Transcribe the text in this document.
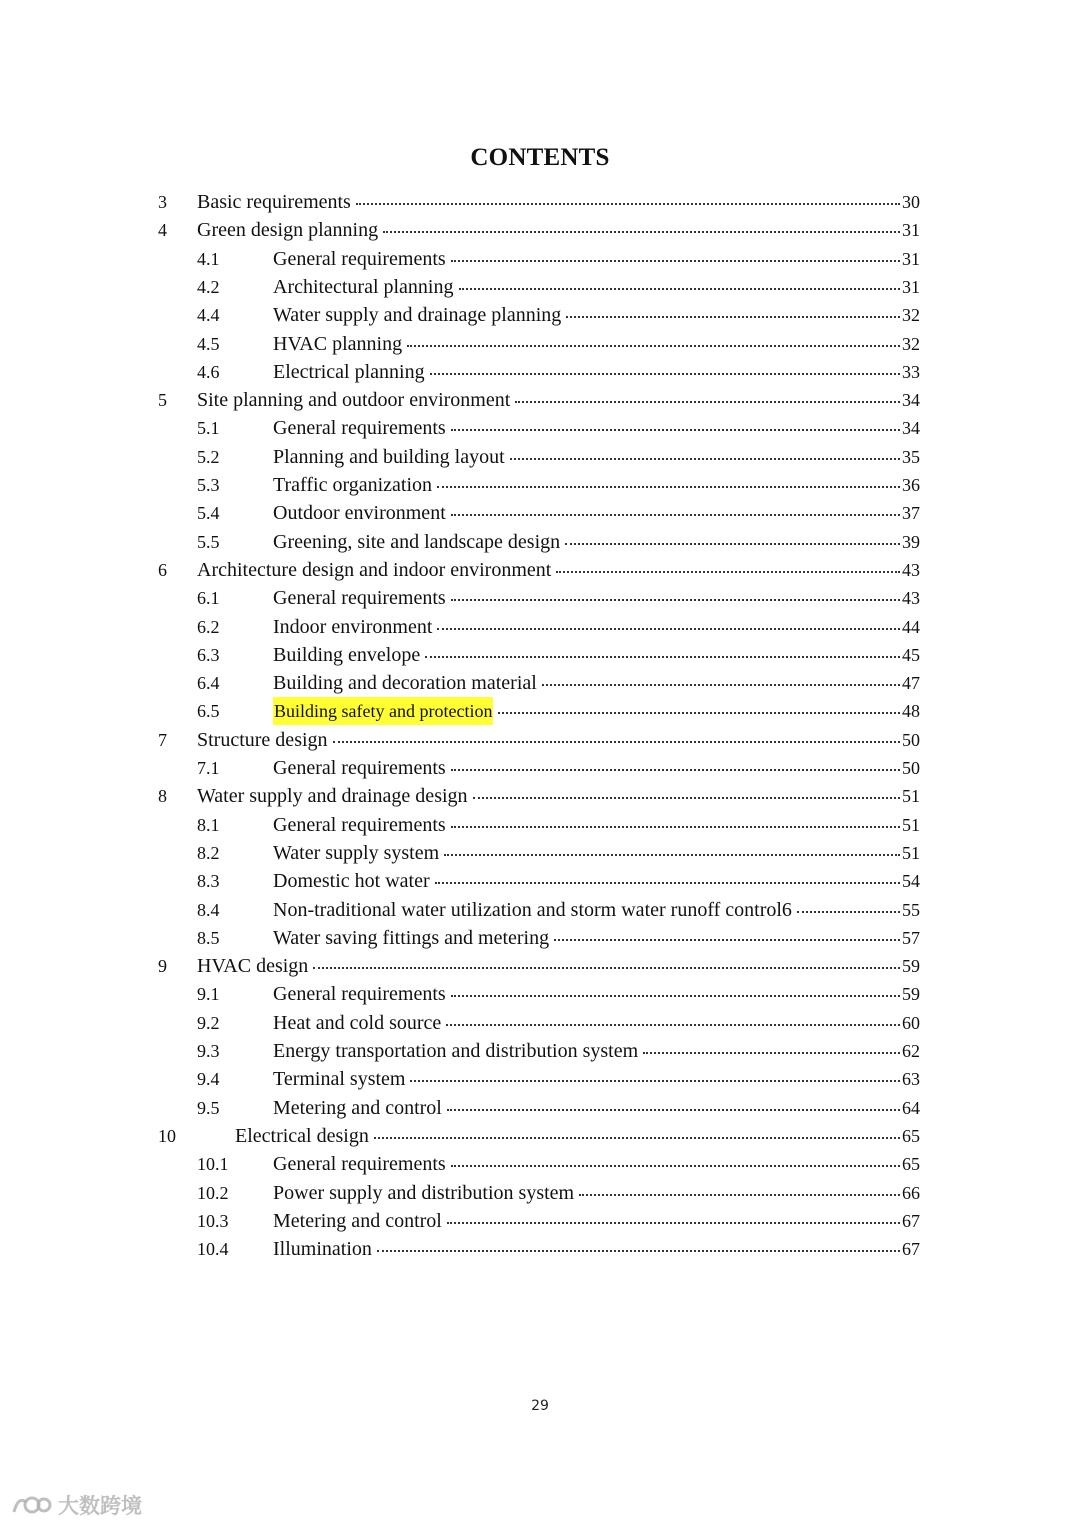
CONTENTS
3 Basic requirements	30
4 Green design planning	31
4.1	General requirements	31
4.2	Architectural planning	31
4.4	Water supply and drainage planning	32
4.5	HVAC planning	32
4.6	Electrical planning	33
5 Site planning and outdoor environment	34
5.1	General requirements	34
5.2	Planning and building layout	35
5.3	Traffic organization	36
5.4	Outdoor environment	37
5.5	Greening, site and landscape design	39
6 Architecture design and indoor environment	43
6.1	General requirements	43
6.2	Indoor environment	44
6.3	Building envelope	45
6.4	Building and decoration material	47
6.5	Building safety and protection	48
7 Structure design	50
7.1	General requirements	50
8 Water supply and drainage design	51
8.1	General requirements	51
8.2	Water supply system	51
8.3	Domestic hot water	54
8.4	Non-traditional water utilization and storm water runoff control6	55
8.5	Water saving fittings and metering	57
9 HVAC design	59
9.1	General requirements	59
9.2	Heat and cold source	60
9.3	Energy transportation and distribution system	62
9.4	Terminal system	63
9.5	Metering and control	64
10	Electrical design	65
10.1 General requirements	65
10.2 Power supply and distribution system	66
10.3 Metering and control	67
10.4 Illumination	67
29
大数跨境
